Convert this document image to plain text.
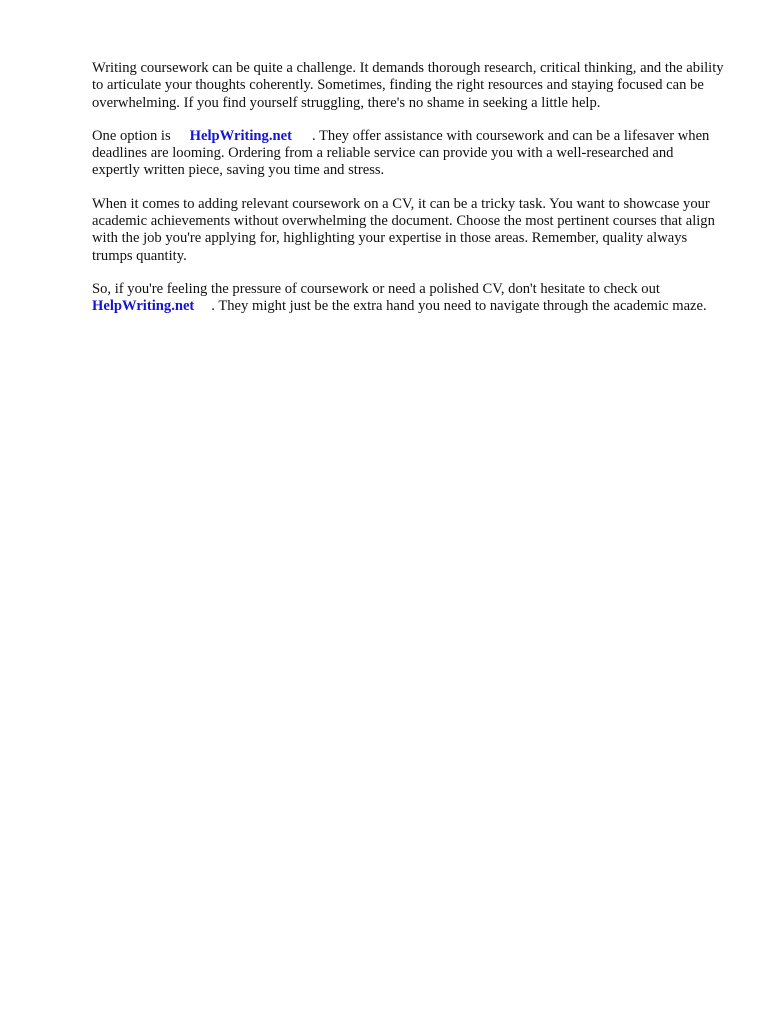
Writing coursework can be quite a challenge. It demands thorough research, critical thinking, and the ability to articulate your thoughts coherently. Sometimes, finding the right resources and staying focused can be overwhelming. If you find yourself struggling, there's no shame in seeking a little help.

One option is HelpWriting.net . They offer assistance with coursework and can be a lifesaver when deadlines are looming. Ordering from a reliable service can provide you with a well-researched and expertly written piece, saving you time and stress.

When it comes to adding relevant coursework on a CV, it can be a tricky task. You want to showcase your academic achievements without overwhelming the document. Choose the most pertinent courses that align with the job you're applying for, highlighting your expertise in those areas. Remember, quality always trumps quantity.

So, if you're feeling the pressure of coursework or need a polished CV, don't hesitate to check out HelpWriting.net . They might just be the extra hand you need to navigate through the academic maze.
